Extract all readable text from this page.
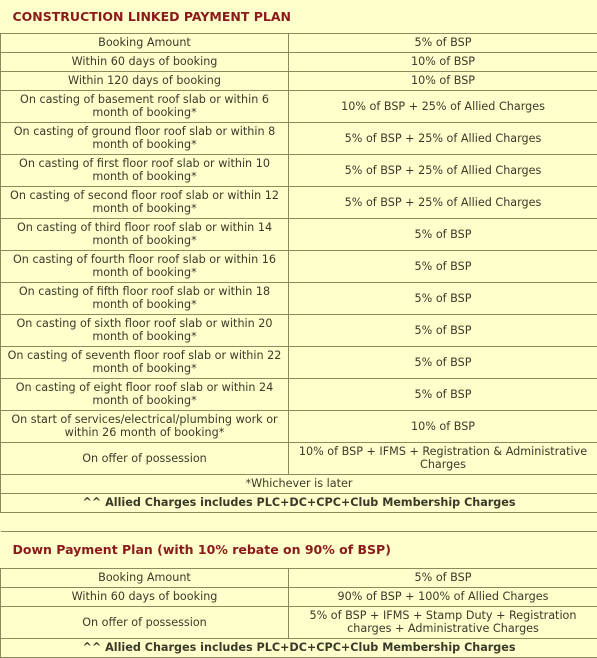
CONSTRUCTION LINKED PAYMENT PLAN	
Booking Amount	5% of BSP
Within 60 days of booking	10% of BSP
Within 120 days of booking	10% of BSP
On casting of basement roof slab or within 6 month of booking*	10% of BSP + 25% of Allied Charges
On casting of ground floor roof slab or within 8 month of booking*	5% of BSP + 25% of Allied Charges
On casting of first floor roof slab or within 10 month of booking*	5% of BSP + 25% of Allied Charges
On casting of second floor roof slab or within 12 month of booking*	5% of BSP + 25% of Allied Charges
On casting of third floor roof slab or within 14 month of booking*	5% of BSP
On casting of fourth floor roof slab or within 16 month of booking*	5% of BSP
On casting of fifth floor roof slab or within 18 month of booking*	5% of BSP
On casting of sixth floor roof slab or within 20 month of booking*	5% of BSP
On casting of seventh floor roof slab or within 22 month of booking*	5% of BSP
On casting of eight floor roof slab or within 24 month of booking*	5% of BSP
On start of services/electrical/plumbing work or within 26 month of booking*	10% of BSP
On offer of possession	10% of BSP + IFMS + Registration & Administrative Charges
*Whichever is later	
^^ Allied Charges includes PLC+DC+CPC+Club Membership Charges	

Down Payment Plan (with 10% rebate on 90% of BSP)	
Booking Amount	5% of BSP
Within 60 days of booking	90% of BSP + 100% of Allied Charges
On offer of possession	5% of BSP + IFMS + Stamp Duty + Registration charges + Administrative Charges
^^ Allied Charges includes PLC+DC+CPC+Club Membership Charges	
